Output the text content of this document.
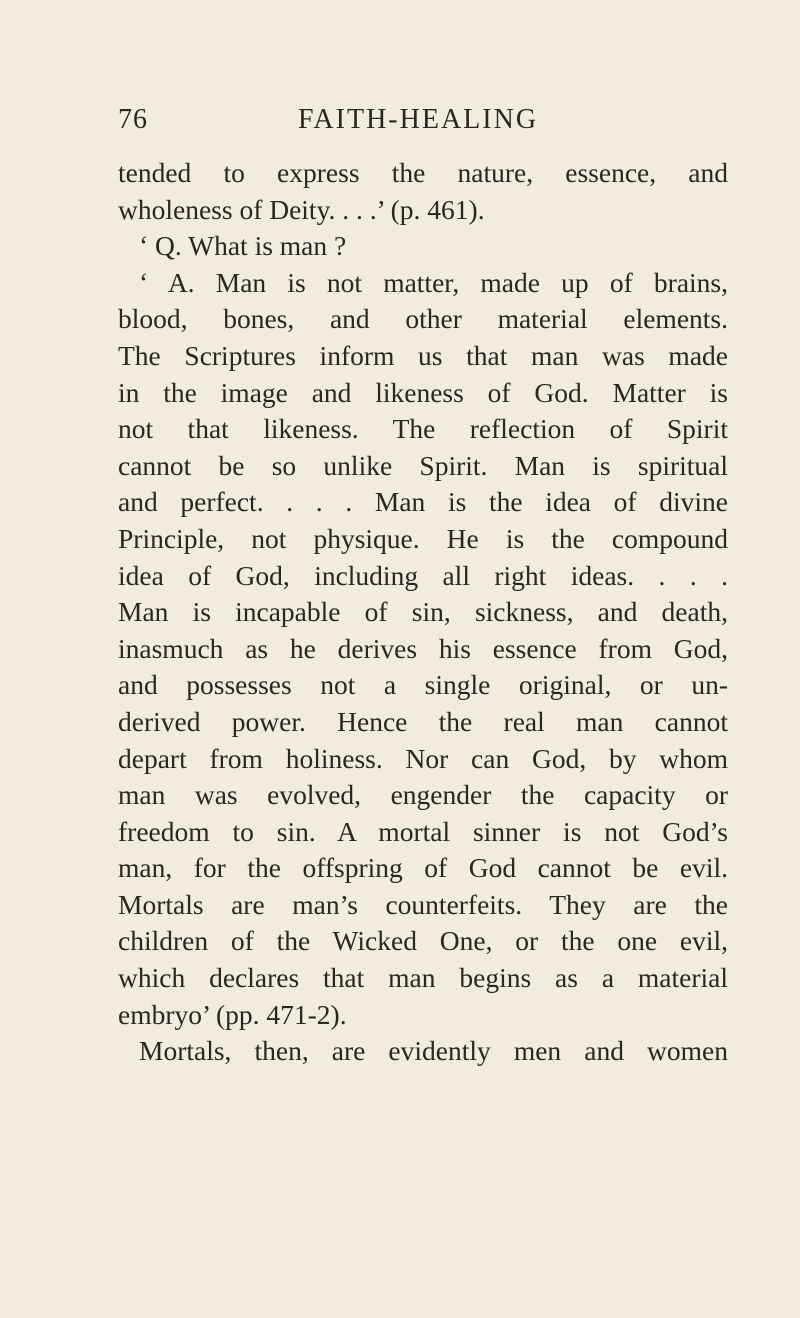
76	FAITH-HEALING
tended to express the nature, essence, and
wholeness of Deity. . . .’ (p. 461).
‘ Q. What is man ?
‘ A. Man is not matter, made up of brains,
blood, bones, and other material elements.
The Scriptures inform us that man was made
in the image and likeness of God. Matter is
not that likeness. The reflection of Spirit
cannot be so unlike Spirit. Man is spiritual
and perfect. . . . Man is the idea of divine
Principle, not physique. He is the compound
idea of God, including all right ideas. . . .
Man is incapable of sin, sickness, and death,
inasmuch as he derives his essence from God,
and possesses not a single original, or un-
derived power. Hence the real man cannot
depart from holiness. Nor can God, by whom
man was evolved, engender the capacity or
freedom to sin. A mortal sinner is not God’s
man, for the offspring of God cannot be evil.
Mortals are man’s counterfeits. They are the
children of the Wicked One, or the one evil,
which declares that man begins as a material
embryo’ (pp. 471-2).
Mortals, then, are evidently men and women
